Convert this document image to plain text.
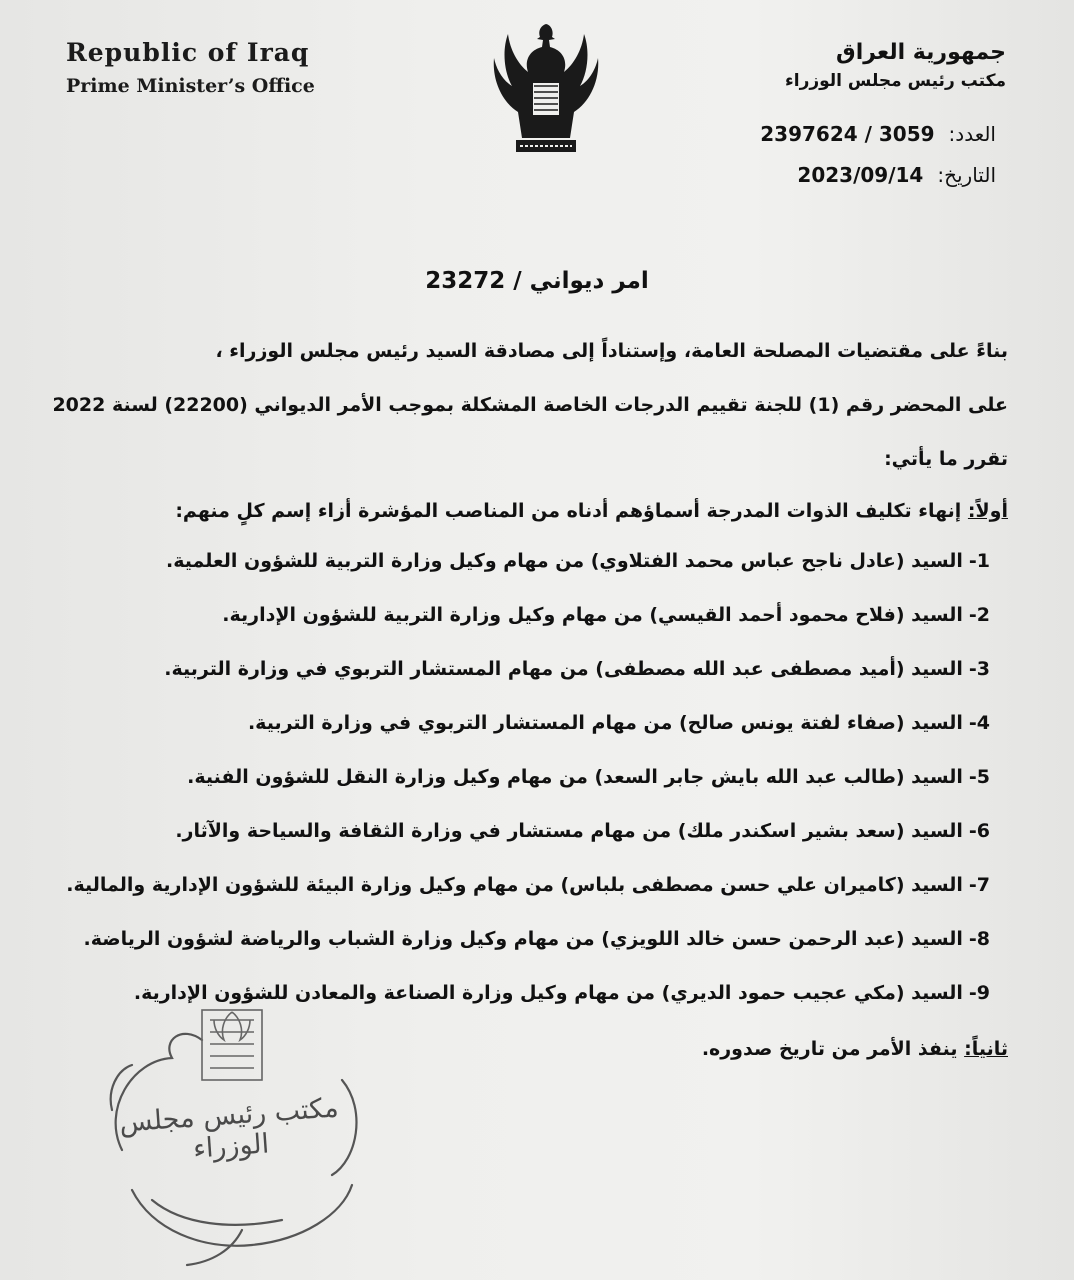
Republic of Iraq
Prime Minister’s Office
جمهورية العراق
مكتب رئيس مجلس الوزراء
العدد:2397624 / 3059
التاريخ:2023/09/14
امر ديواني / 23272
بناءً على مقتضيات المصلحة العامة، وإستناداً إلى مصادقة السيد رئيس مجلس الوزراء ،
على المحضر رقم (1) للجنة تقييم الدرجات الخاصة المشكلة بموجب الأمر الديواني (22200) لسنة 2022
تقرر ما يأتي:
أولاً: إنهاء تكليف الذوات المدرجة أسماؤهم أدناه من المناصب المؤشرة أزاء إسم كلٍ منهم:
1-السيد (عادل ناجح عباس محمد الفتلاوي) من مهام وكيل وزارة التربية للشؤون العلمية.
2-السيد (فلاح محمود أحمد القيسي) من مهام وكيل وزارة التربية للشؤون الإدارية.
3-السيد (أميد مصطفى عبد الله مصطفى) من مهام المستشار التربوي في وزارة التربية.
4-السيد (صفاء لفتة يونس صالح) من مهام المستشار التربوي في وزارة التربية.
5-السيد (طالب عبد الله بايش جابر السعد) من مهام وكيل وزارة النقل للشؤون الفنية.
6-السيد (سعد بشير اسكندر ملك) من مهام مستشار في وزارة الثقافة والسياحة والآثار.
7-السيد (كاميران علي حسن مصطفى بلباس) من مهام وكيل وزارة البيئة للشؤون الإدارية والمالية.
8-السيد (عبد الرحمن حسن خالد اللويزي) من مهام وكيل وزارة الشباب والرياضة لشؤون الرياضة.
9-السيد (مكي عجيب حمود الديري) من مهام وكيل وزارة الصناعة والمعادن للشؤون الإدارية.
ثانياً: ينفذ الأمر من تاريخ صدوره.
مكتب رئيس مجلس الوزراء
